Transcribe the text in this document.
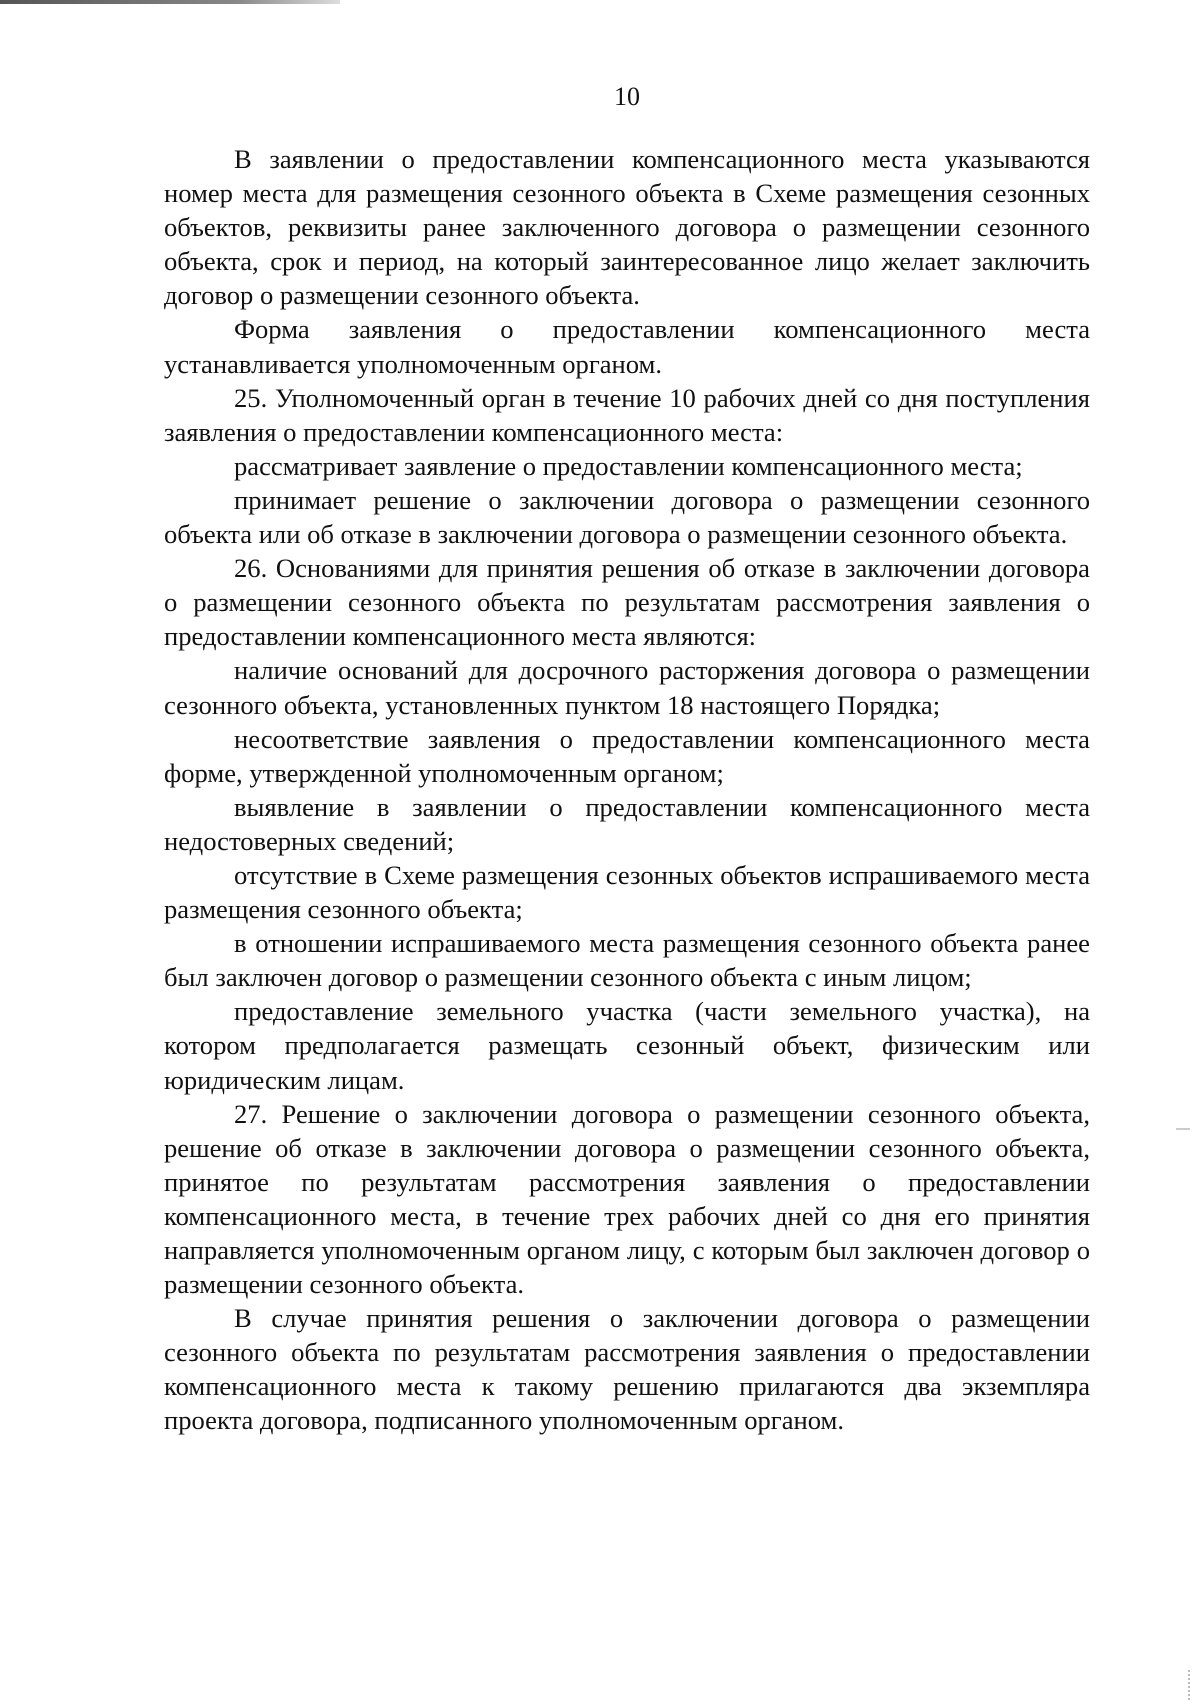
10

В заявлении о предоставлении компенсационного места указываются номер места для размещения сезонного объекта в Схеме размещения сезонных объектов, реквизиты ранее заключенного договора о размещении сезонного объекта, срок и период, на который заинтересованное лицо желает заключить договор о размещении сезонного объекта.

Форма заявления о предоставлении компенсационного места устанавливается уполномоченным органом.

25. Уполномоченный орган в течение 10 рабочих дней со дня поступления заявления о предоставлении компенсационного места:

рассматривает заявление о предоставлении компенсационного места;

принимает решение о заключении договора о размещении сезонного объекта или об отказе в заключении договора о размещении сезонного объекта.

26. Основаниями для принятия решения об отказе в заключении договора о размещении сезонного объекта по результатам рассмотрения заявления о предоставлении компенсационного места являются:

наличие оснований для досрочного расторжения договора о размещении сезонного объекта, установленных пунктом 18 настоящего Порядка;

несоответствие заявления о предоставлении компенсационного места форме, утвержденной уполномоченным органом;

выявление в заявлении о предоставлении компенсационного места недостоверных сведений;

отсутствие в Схеме размещения сезонных объектов испрашиваемого места размещения сезонного объекта;

в отношении испрашиваемого места размещения сезонного объекта ранее был заключен договор о размещении сезонного объекта с иным лицом;

предоставление земельного участка (части земельного участка), на котором предполагается размещать сезонный объект, физическим или юридическим лицам.

27. Решение о заключении договора о размещении сезонного объекта, решение об отказе в заключении договора о размещении сезонного объекта, принятое по результатам рассмотрения заявления о предоставлении компенсационного места, в течение трех рабочих дней со дня его принятия направляется уполномоченным органом лицу, с которым был заключен договор о размещении сезонного объекта.

В случае принятия решения о заключении договора о размещении сезонного объекта по результатам рассмотрения заявления о предоставлении компенсационного места к такому решению прилагаются два экземпляра проекта договора, подписанного уполномоченным органом.
